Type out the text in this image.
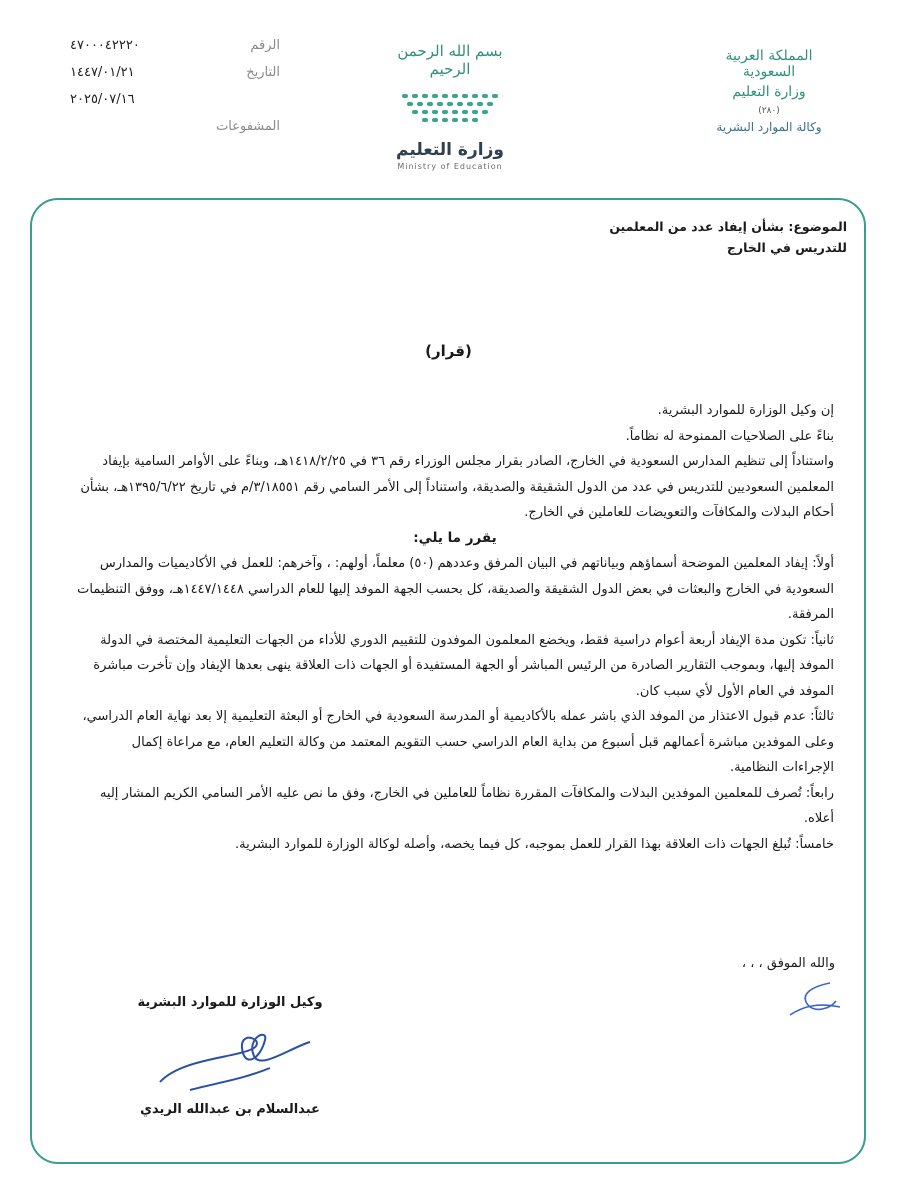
الرقم
٤٧٠٠٠٤٢٢٢٠
التاريخ
١٤٤٧/٠١/٢١
٢٠٢٥/٠٧/١٦
المشفوعات
بسم الله الرحمن الرحيم
وزارة التعليم
Ministry of Education
المملكة العربية السعودية
وزارة التعليم
(٢٨٠)
وكالة الموارد البشرية
الموضوع: بشأن إيفاد عدد من المعلمين
للتدريس في الخارج
(قرار)

إن وكيل الوزارة للموارد البشرية.

بناءً على الصلاحيات الممنوحة له نظاماً.

واستناداً إلى تنظيم المدارس السعودية في الخارج، الصادر بقرار مجلس الوزراء رقم ٣٦ في ١٤١٨/٢/٢٥هـ، وبناءً على الأوامر السامية بإيفاد المعلمين السعوديين للتدريس في عدد من الدول الشقيقة والصديقة، واستناداً إلى الأمر السامي رقم ٣/١٨٥٥١/م في تاريخ ١٣٩٥/٦/٢٢هـ، بشأن أحكام البدلات والمكافآت والتعويضات للعاملين في الخارج.

يقرر ما يلي:

أولاً: إيفاد المعلمين الموضحة أسماؤهم وبياناتهم في البيان المرفق وعددهم (٥٠) معلماً، أولهم: ، وآخرهم: للعمل في الأكاديميات والمدارس السعودية في الخارج والبعثات في بعض الدول الشقيقة والصديقة، كل بحسب الجهة الموفد إليها للعام الدراسي ١٤٤٧/١٤٤٨هـ، ووفق التنظيمات المرفقة.

ثانياً: تكون مدة الإيفاد أربعة أعوام دراسية فقط، ويخضع المعلمون الموفدون للتقييم الدوري للأداء من الجهات التعليمية المختصة في الدولة الموفد إليها، وبموجب التقارير الصادرة من الرئيس المباشر أو الجهة المستفيدة أو الجهات ذات العلاقة ينهى بعدها الإيفاد وإن تأخرت مباشرة الموفد في العام الأول لأي سبب كان.

ثالثاً: عدم قبول الاعتذار من الموفد الذي باشر عمله بالأكاديمية أو المدرسة السعودية في الخارج أو البعثة التعليمية إلا بعد نهاية العام الدراسي، وعلى الموفدين مباشرة أعمالهم قبل أسبوع من بداية العام الدراسي حسب التقويم المعتمد من وكالة التعليم العام، مع مراعاة إكمال الإجراءات النظامية.

رابعاً: تُصرف للمعلمين الموفدين البدلات والمكافآت المقررة نظاماً للعاملين في الخارج، وفق ما نص عليه الأمر السامي الكريم المشار إليه أعلاه.

خامساً: تُبلغ الجهات ذات العلاقة بهذا القرار للعمل بموجبه، كل فيما يخصه، وأصله لوكالة الوزارة للموارد البشرية.

والله الموفق ، ، ،
وكيل الوزارة للموارد البشرية
عبدالسلام بن عبدالله الريدي
